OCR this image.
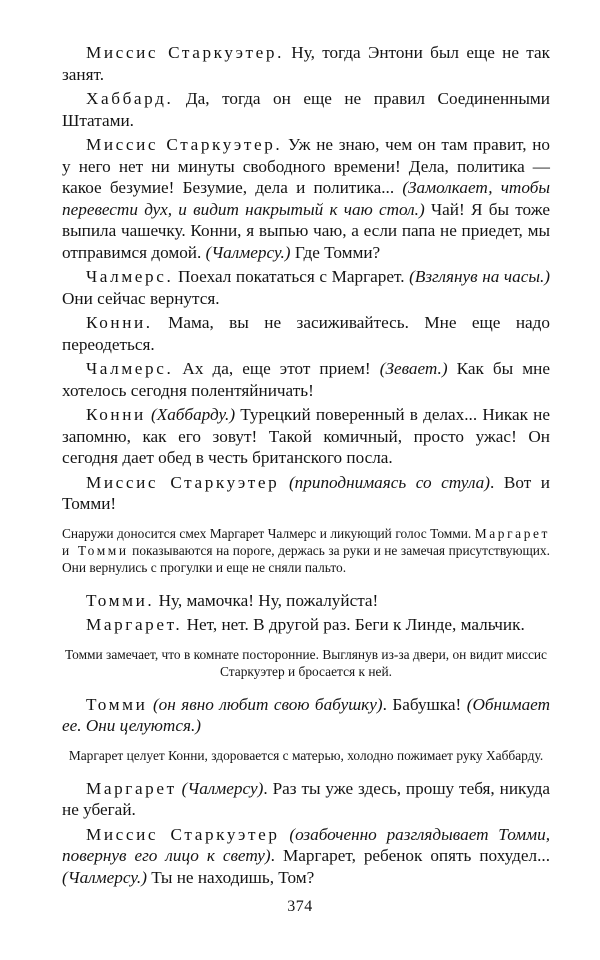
Миссис Старкуэтер. Ну, тогда Энтони был еще не так занят.

Хаббард. Да, тогда он еще не правил Соединенными Штатами.

Миссис Старкуэтер. Уж не знаю, чем он там правит, но у него нет ни минуты свободного времени! Дела, политика — какое безумие! Безумие, дела и политика... (Замолкает, чтобы перевести дух, и видит накрытый к чаю стол.) Чай! Я бы тоже выпила чашечку. Конни, я выпью чаю, а если папа не приедет, мы отправимся домой. (Чалмерсу.) Где Томми?

Чалмерс. Поехал покататься с Маргарет. (Взглянув на часы.) Они сейчас вернутся.

Конни. Мама, вы не засиживайтесь. Мне еще надо переодеться.

Чалмерс. Ах да, еще этот прием! (Зевает.) Как бы мне хотелось сегодня полентяйничать!

Конни (Хаббарду.) Турецкий поверенный в делах... Никак не запомню, как его зовут! Такой комичный, просто ужас! Он сегодня дает обед в честь британского посла.

Миссис Старкуэтер (приподнимаясь со стула). Вот и Томми!

Снаружи доносится смех Маргарет Чалмерс и ликующий голос Томми. Маргарет и Томми показываются на пороге, держась за руки и не замечая присутствующих. Они вернулись с прогулки и еще не сняли пальто.

Томми. Ну, мамочка! Ну, пожалуйста!

Маргарет. Нет, нет. В другой раз. Беги к Линде, мальчик.

Томми замечает, что в комнате посторонние. Выглянув из-за двери, он видит миссис Старкуэтер и бросается к ней.

Томми (он явно любит свою бабушку). Бабушка! (Обнимает ее. Они целуются.)

Маргарет целует Конни, здоровается с матерью, холодно пожимает руку Хаббарду.

Маргарет (Чалмерсу). Раз ты уже здесь, прошу тебя, никуда не убегай.

Миссис Старкуэтер (озабоченно разглядывает Томми, повернув его лицо к свету). Маргарет, ребенок опять похудел... (Чалмерсу.) Ты не находишь, Том?

374
